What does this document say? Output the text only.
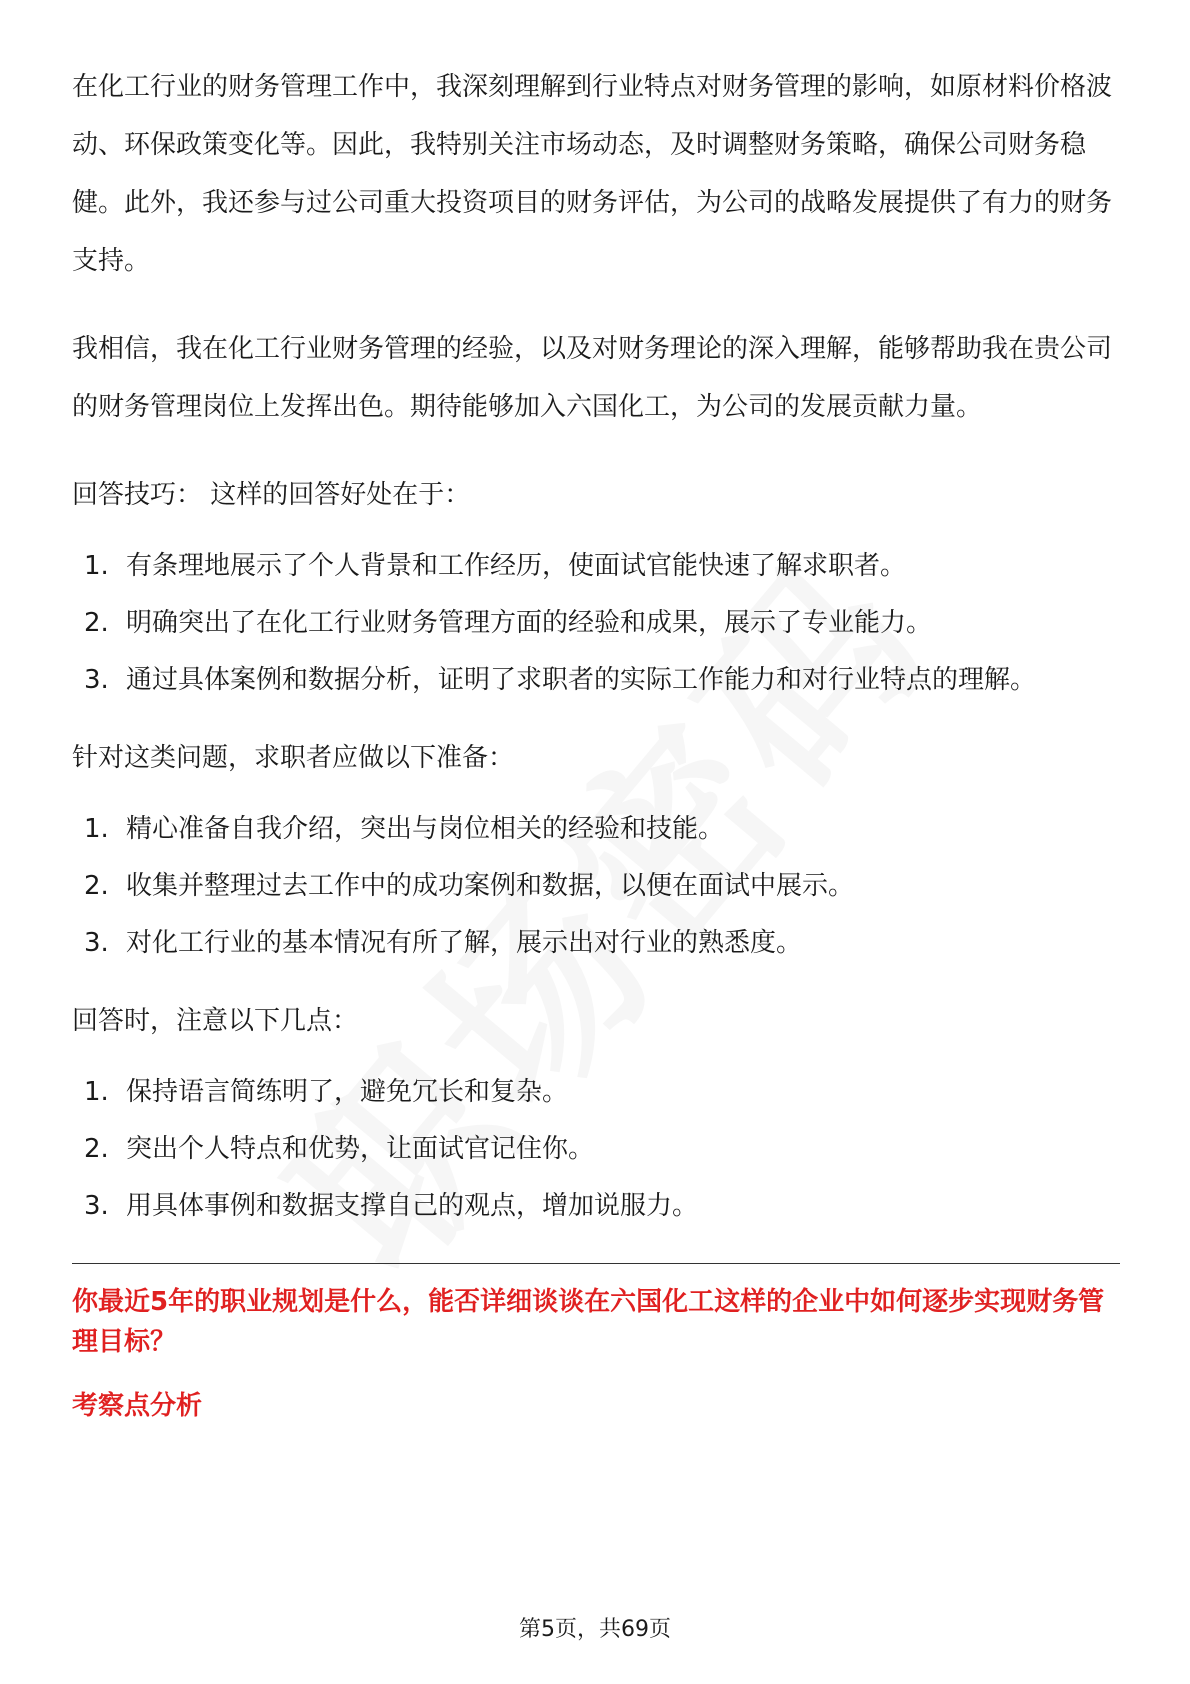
在化工行业的财务管理工作中，我深刻理解到行业特点对财务管理的影响，如原材料价格波动、环保政策变化等。因此，我特别关注市场动态，及时调整财务策略，确保公司财务稳健。此外，我还参与过公司重大投资项目的财务评估，为公司的战略发展提供了有力的财务支持。

我相信，我在化工行业财务管理的经验，以及对财务理论的深入理解，能够帮助我在贵公司的财务管理岗位上发挥出色。期待能够加入六国化工，为公司的发展贡献力量。

回答技巧： 这样的回答好处在于：

1. 有条理地展示了个人背景和工作经历，使面试官能快速了解求职者。
2. 明确突出了在化工行业财务管理方面的经验和成果，展示了专业能力。
3. 通过具体案例和数据分析，证明了求职者的实际工作能力和对行业特点的理解。

针对这类问题，求职者应做以下准备：

1. 精心准备自我介绍，突出与岗位相关的经验和技能。
2. 收集并整理过去工作中的成功案例和数据，以便在面试中展示。
3. 对化工行业的基本情况有所了解，展示出对行业的熟悉度。

回答时，注意以下几点：

1. 保持语言简练明了，避免冗长和复杂。
2. 突出个人特点和优势，让面试官记住你。
3. 用具体事例和数据支撑自己的观点，增加说服力。
你最近5年的职业规划是什么，能否详细谈谈在六国化工这样的企业中如何逐步实现财务管理目标？
考察点分析
第5页，共69页
